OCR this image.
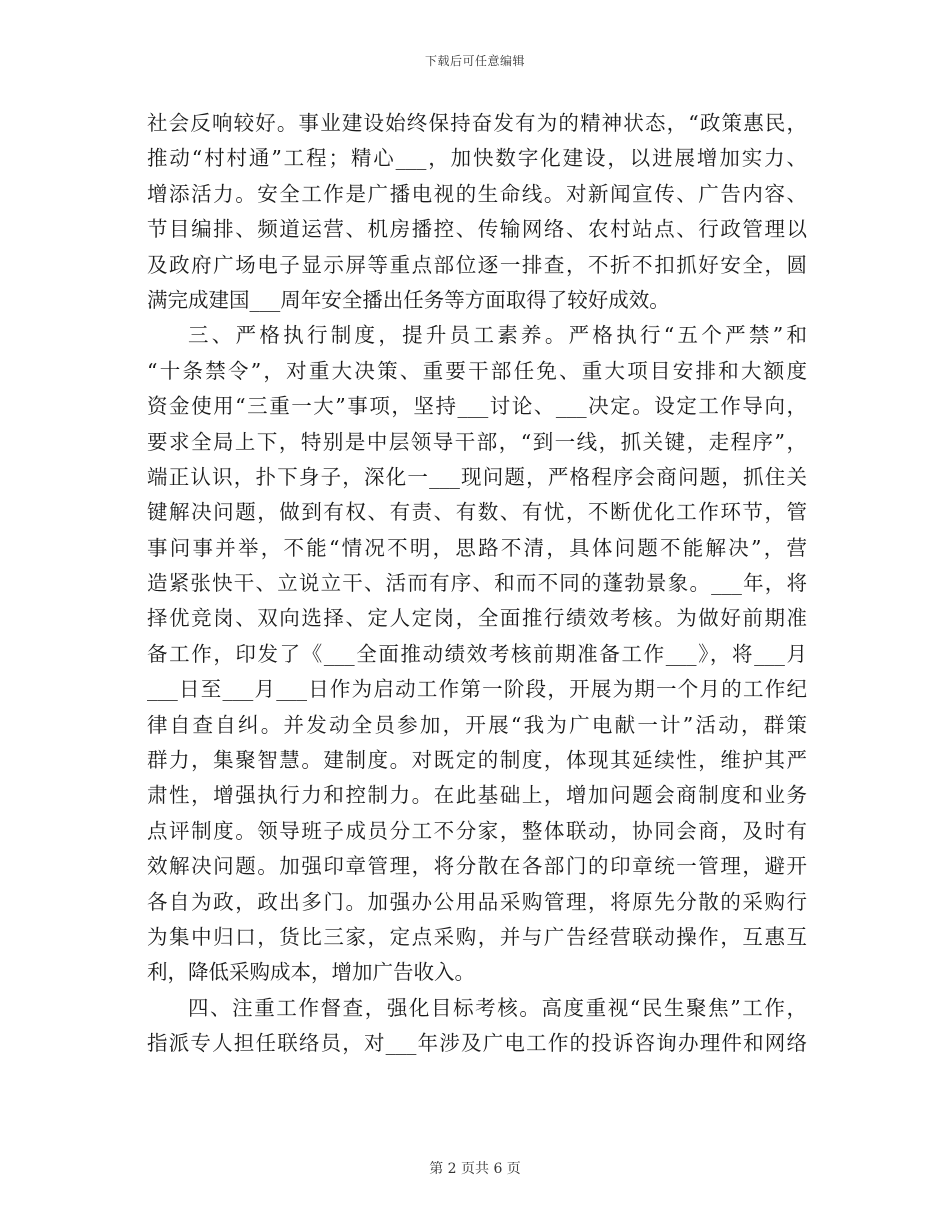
下载后可任意编辑
社会反响较好。事业建设始终保持奋发有为的精神状态，“政策惠民，
推动“村村通”工程；精心___，加快数字化建设，以进展增加实力、
增添活力。安全工作是广播电视的生命线。对新闻宣传、广告内容、
节目编排、频道运营、机房播控、传输网络、农村站点、行政管理以
及政府广场电子显示屏等重点部位逐一排查，不折不扣抓好安全，圆
满完成建国___周年安全播出任务等方面取得了较好成效。
三、严格执行制度，提升员工素养。严格执行“五个严禁”和
“十条禁令”，对重大决策、重要干部任免、重大项目安排和大额度
资金使用“三重一大”事项，坚持___讨论、___决定。设定工作导向，
要求全局上下，特别是中层领导干部，“到一线，抓关键，走程序”，
端正认识，扑下身子，深化一___现问题，严格程序会商问题，抓住关
键解决问题，做到有权、有责、有数、有忧，不断优化工作环节，管
事问事并举，不能“情况不明，思路不清，具体问题不能解决”，营
造紧张快干、立说立干、活而有序、和而不同的蓬勃景象。___年，将
择优竞岗、双向选择、定人定岗，全面推行绩效考核。为做好前期准
备工作，印发了《___全面推动绩效考核前期准备工作___》，将___月
___日至___月___日作为启动工作第一阶段，开展为期一个月的工作纪
律自查自纠。并发动全员参加，开展“我为广电献一计”活动，群策
群力，集聚智慧。建制度。对既定的制度，体现其延续性，维护其严
肃性，增强执行力和控制力。在此基础上，增加问题会商制度和业务
点评制度。领导班子成员分工不分家，整体联动，协同会商，及时有
效解决问题。加强印章管理，将分散在各部门的印章统一管理，避开
各自为政，政出多门。加强办公用品采购管理，将原先分散的采购行
为集中归口，货比三家，定点采购，并与广告经营联动操作，互惠互
利，降低采购成本，增加广告收入。
四、注重工作督查，强化目标考核。高度重视“民生聚焦”工作，
指派专人担任联络员，对___年涉及广电工作的投诉咨询办理件和网络
第 2 页共 6 页
